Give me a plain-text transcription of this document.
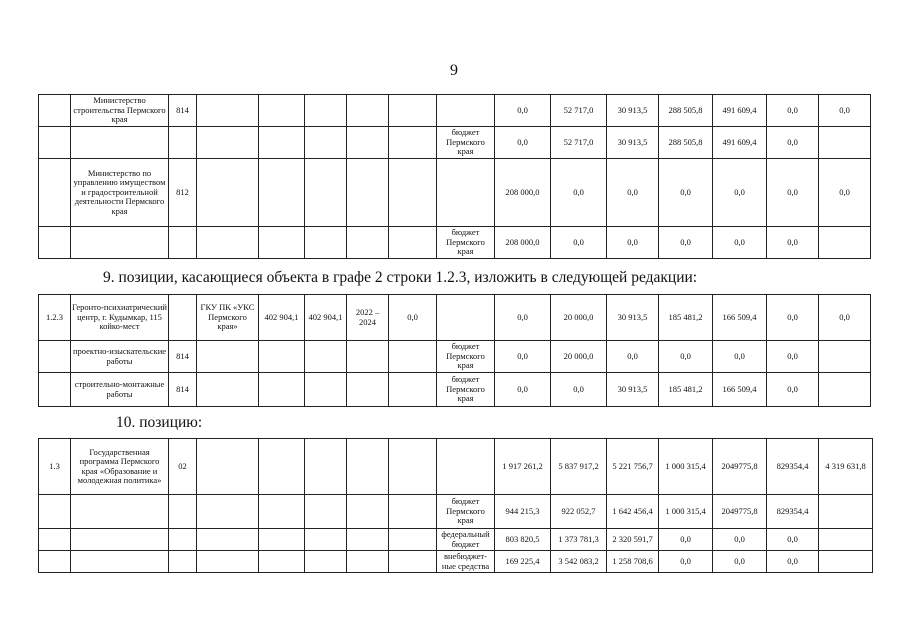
9
	Министерство строительства Пермского края	814							0,0	52 717,0	30 913,5	288 505,8	491 609,4	0,0	0,0
								бюджет Пермского края	0,0	52 717,0	30 913,5	288 505,8	491 609,4	0,0	
	Министерство по управлению имуществом и градостроительной деятельности Пермского края	812							208 000,0	0,0	0,0	0,0	0,0	0,0	0,0
								бюджет Пермского края	208 000,0	0,0	0,0	0,0	0,0	0,0	
9. позиции, касающиеся объекта в графе 2 строки 1.2.3, изложить в следующей редакции:
1.2.3	Геронто-психиатрический центр, г. Кудымкар, 115 койко-мест		ГКУ ПК «УКС Пермского края»	402 904,1	402 904,1	2022 – 2024	0,0		0,0	20 000,0	30 913,5	185 481,2	166 509,4	0,0	0,0
	проектно-изыскательские работы	814						бюджет Пермского края	0,0	20 000,0	0,0	0,0	0,0	0,0	
	строительно-монтажные работы	814						бюджет Пермского края	0,0	0,0	30 913,5	185 481,2	166 509,4	0,0	
10. позицию:
1.3	Государственная программа Пермского края «Образование и молодежная политика»	02							1 917 261,2	5 837 917,2	5 221 756,7	1 000 315,4	2049775,8	829354,4	4 319 631,8
								бюджет Пермского края	944 215,3	922 052,7	1 642 456,4	1 000 315,4	2049775,8	829354,4	
								федеральный бюджет	803 820,5	1 373 781,3	2 320 591,7	0,0	0,0	0,0	
								внебюджет-ные средства	169 225,4	3 542 083,2	1 258 708,6	0,0	0,0	0,0	
